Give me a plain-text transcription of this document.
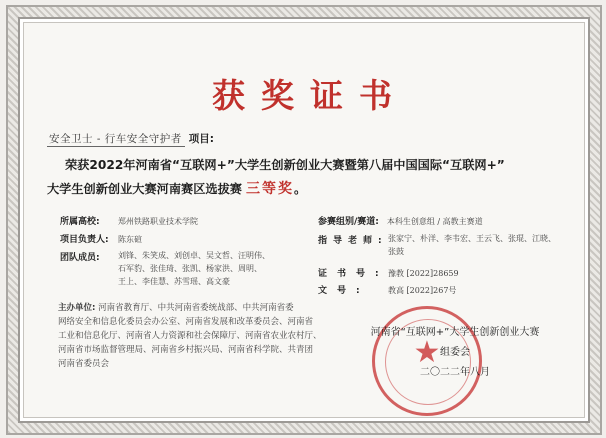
获奖证书
安全卫士 - 行车安全守护者 项目:
荣获2022年河南省“互联网+”大学生创新创业大赛暨第八届中国国际“互联网+”
大学生创新创业大赛河南赛区选拔赛 三等奖。
所属高校: 郑州铁路职业技术学院
项目负责人: 陈东碹
团队成员:	刘锋、朱笑成、刘创卓、吴文哲、汪明伟、
石军豹、张佳琦、张凯、杨家洪、周明、
王上、李佳慧、苏雪瑶、高文豪
参赛组别/赛道: 本科生创意组 / 高教主赛道
指导老师: 张家宁、朴洋、李韦宏、王云飞、张琨、江晓、
张鼓
证书号:豫教 [2022]28659
文号: 教高 [2022]267号
主办单位: 河南省教育厅、中共河南省委统战部、中共河南省委
网络安全和信息化委员会办公室、河南省发展和改革委员会、河南省
工业和信息化厅、河南省人力资源和社会保障厅、河南省农业农村厅、
河南省市场监督管理局、河南省乡村振兴局、河南省科学院、共青团
河南省委员会	★
河南省“互联网+”大学生创新创业大赛
组委会
二〇二二年八月
